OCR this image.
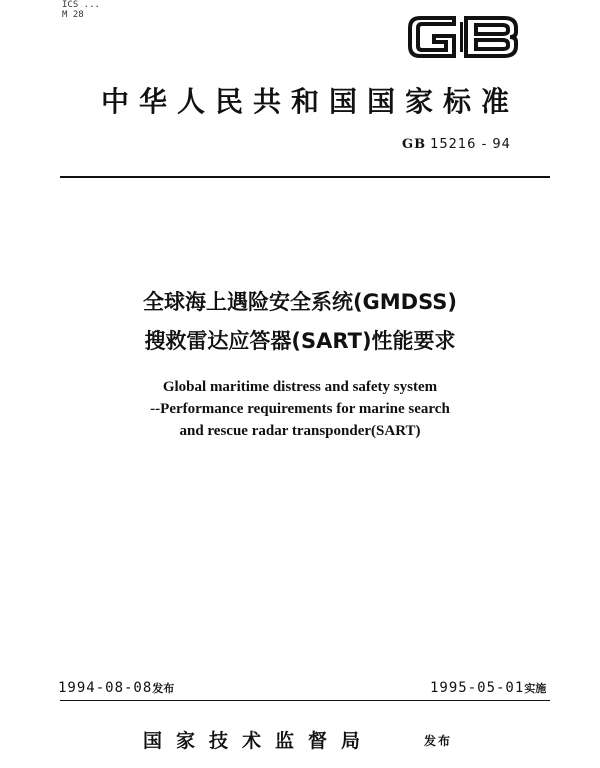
ICS ...
M 28
中华人民共和国国家标准
GB 15216 - 94
全球海上遇险安全系统(GMDSS)
搜救雷达应答器(SART)性能要求
Global maritime distress and safety system
--Performance requirements for marine search
and rescue radar transponder(SART)
1994-08-08发布	1995-05-01实施
国家技术监督局	发布
